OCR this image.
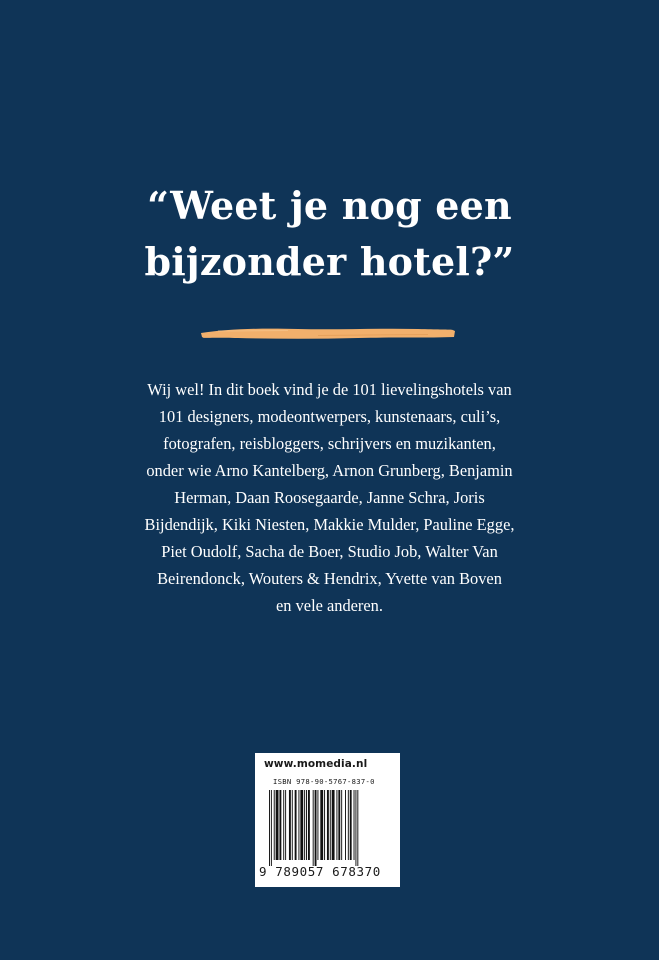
“Weet je nog een
bijzonder hotel?”
Wij wel! In dit boek vind je de 101 lievelingshotels van
101 designers, modeontwerpers, kunstenaars, culi’s,
fotografen, reisbloggers, schrijvers en muzikanten,
onder wie Arno Kantelberg, Arnon Grunberg, Benjamin
Herman, Daan Roosegaarde, Janne Schra, Joris
Bijdendijk, Kiki Niesten, Makkie Mulder, Pauline Egge,
Piet Oudolf, Sacha de Boer, Studio Job, Walter Van
Beirendonck, Wouters & Hendrix, Yvette van Boven
en vele anderen.
www.momedia.nl
ISBN 978-90-5767-837-0
9 789057 678370
